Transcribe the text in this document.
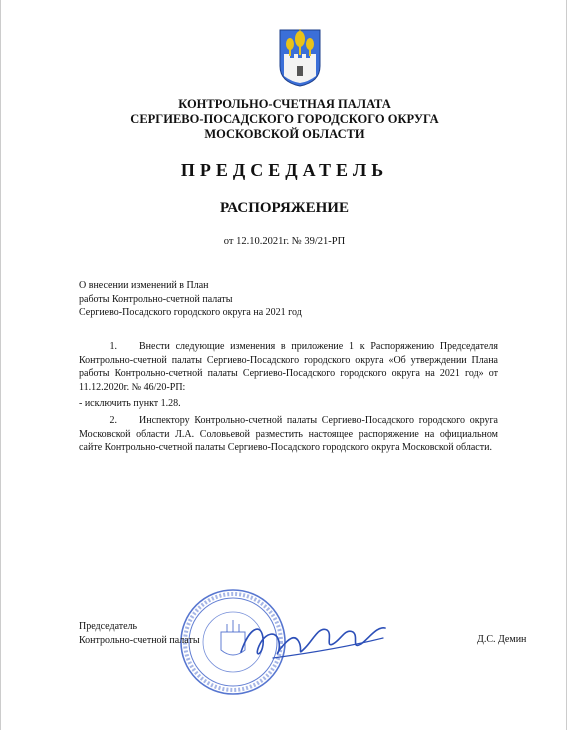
КОНТРОЛЬНО-СЧЕТНАЯ ПАЛАТА
СЕРГИЕВО-ПОСАДСКОГО ГОРОДСКОГО ОКРУГА
МОСКОВСКОЙ ОБЛАСТИ
ПРЕДСЕДАТЕЛЬ
РАСПОРЯЖЕНИЕ
от 12.10.2021г. № 39/21-РП
О внесении изменений в План
работы Контрольно-счетной палаты
Сергиево-Посадского городского округа на 2021 год
1. Внести следующие изменения в приложение 1 к Распоряжению Председателя Контрольно-счетной палаты Сергиево-Посадского городского округа «Об утверждении Плана работы Контрольно-счетной палаты Сергиево-Посадского городского округа на 2021 год» от 11.12.2020г. № 46/20-РП:
- исключить пункт 1.28.
2. Инспектору Контрольно-счетной палаты Сергиево-Посадского городского округа Московской области Л.А. Соловьевой разместить настоящее распоряжение на официальном сайте Контрольно-счетной палаты Сергиево-Посадского городского округа Московской области.
Председатель
Контрольно-счетной палаты	Д.С. Демин
